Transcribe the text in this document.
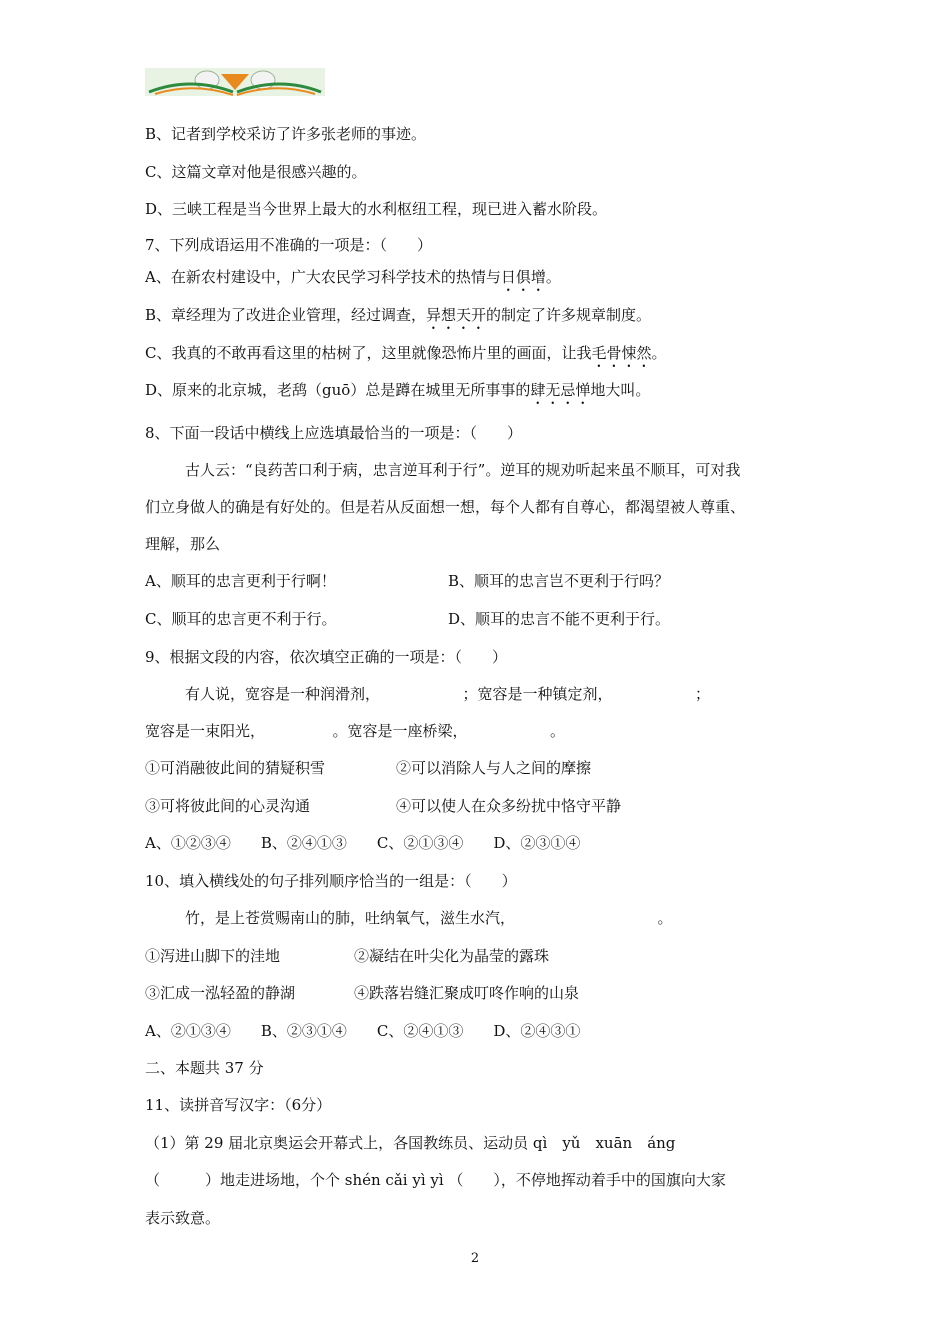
B、记者到学校采访了许多张老师的事迹。
C、这篇文章对他是很感兴趣的。
D、三峡工程是当今世界上最大的水利枢纽工程，现已进入蓄水阶段。
7、下列成语运用不准确的一项是：（　　）
A、在新农村建设中，广大农民学习科学技术的热情与日俱增。
B、章经理为了改进企业管理，经过调查，异想天开的制定了许多规章制度。
C、我真的不敢再看这里的枯树了，这里就像恐怖片里的画面，让我毛骨悚然。
D、原来的北京城，老鸹（guō）总是蹲在城里无所事事的肆无忌惮地大叫。
8、下面一段话中横线上应选填最恰当的一项是：（　　）
古人云：“良药苦口利于病，忠言逆耳利于行”。逆耳的规劝听起来虽不顺耳，可对我
们立身做人的确是有好处的。但是若从反面想一想，每个人都有自尊心，都渴望被人尊重、
理解，那么
A、顺耳的忠言更利于行啊！	B、顺耳的忠言岂不更利于行吗？
C、顺耳的忠言更不利于行。	D、顺耳的忠言不能不更利于行。
9、根据文段的内容，依次填空正确的一项是：（　　）
有人说，宽容是一种润滑剂，　　　　　　；宽容是一种镇定剂，　　　　　　；
宽容是一束阳光，　　　　　。宽容是一座桥梁，　　　　　　。
①可消融彼此间的猜疑积雪	②可以消除人与人之间的摩擦
③可将彼此间的心灵沟通	④可以使人在众多纷扰中恪守平静
A、①②③④　　B、②④①③　　C、②①③④　　D、②③①④
10、填入横线处的句子排列顺序恰当的一组是：（　　）
竹，是上苍赏赐南山的肺，吐纳氧气，滋生水汽，　　　　　　　　　　。
①泻进山脚下的洼地	②凝结在叶尖化为晶莹的露珠
③汇成一泓轻盈的静湖	④跌落岩缝汇聚成叮咚作响的山泉
A、②①③④　　B、②③①④　　C、②④①③　　D、②④③①
二、本题共 37 分
11、读拼音写汉字：（6分）
（1）第 29 届北京奥运会开幕式上，各国教练员、运动员 qì　yǔ　xuān　áng
（　　　）地走进场地，个个 shén cǎi yì yì （　　），不停地挥动着手中的国旗向大家
表示致意。
2
